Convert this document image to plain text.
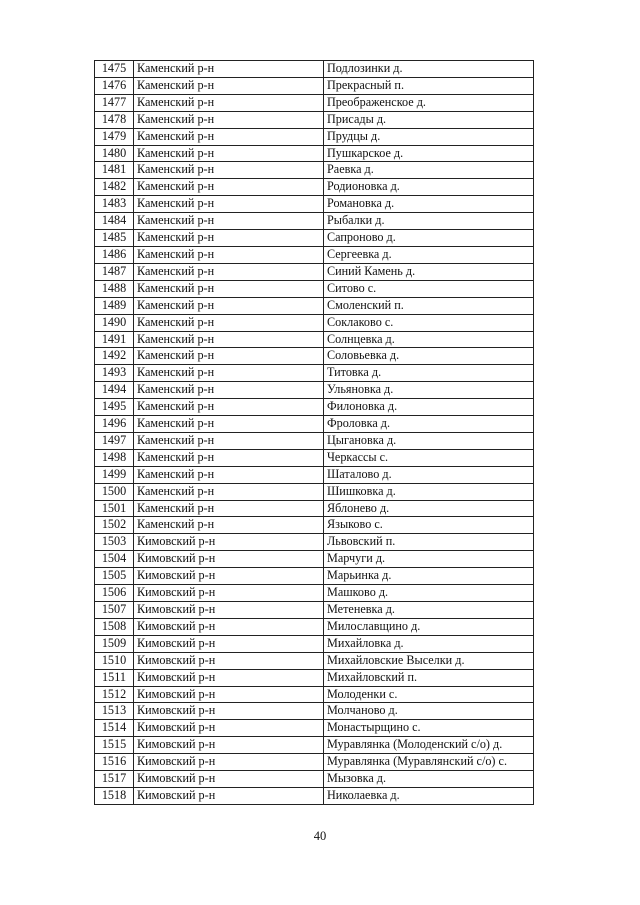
1475	Каменский р-н	Подлозинки д.
1476	Каменский р-н	Прекрасный п.
1477	Каменский р-н	Преображенское д.
1478	Каменский р-н	Присады д.
1479	Каменский р-н	Прудцы д.
1480	Каменский р-н	Пушкарское д.
1481	Каменский р-н	Раевка д.
1482	Каменский р-н	Родионовка д.
1483	Каменский р-н	Романовка д.
1484	Каменский р-н	Рыбалки д.
1485	Каменский р-н	Сапроново д.
1486	Каменский р-н	Сергеевка д.
1487	Каменский р-н	Синий Камень д.
1488	Каменский р-н	Ситово с.
1489	Каменский р-н	Смоленский п.
1490	Каменский р-н	Соклаково с.
1491	Каменский р-н	Солнцевка д.
1492	Каменский р-н	Соловьевка д.
1493	Каменский р-н	Титовка д.
1494	Каменский р-н	Ульяновка д.
1495	Каменский р-н	Филоновка д.
1496	Каменский р-н	Фроловка д.
1497	Каменский р-н	Цыгановка д.
1498	Каменский р-н	Черкассы с.
1499	Каменский р-н	Шаталово д.
1500	Каменский р-н	Шишковка д.
1501	Каменский р-н	Яблонево д.
1502	Каменский р-н	Языково с.
1503	Кимовский р-н	Львовский п.
1504	Кимовский р-н	Марчуги д.
1505	Кимовский р-н	Марьинка д.
1506	Кимовский р-н	Машково д.
1507	Кимовский р-н	Метеневка д.
1508	Кимовский р-н	Милославщино д.
1509	Кимовский р-н	Михайловка д.
1510	Кимовский р-н	Михайловские Выселки д.
1511	Кимовский р-н	Михайловский п.
1512	Кимовский р-н	Молоденки с.
1513	Кимовский р-н	Молчаново д.
1514	Кимовский р-н	Монастырщино с.
1515	Кимовский р-н	Муравлянка (Молоденский с/о) д.
1516	Кимовский р-н	Муравлянка (Муравлянский с/о) с.
1517	Кимовский р-н	Мызовка д.
1518	Кимовский р-н	Николаевка д.
40
